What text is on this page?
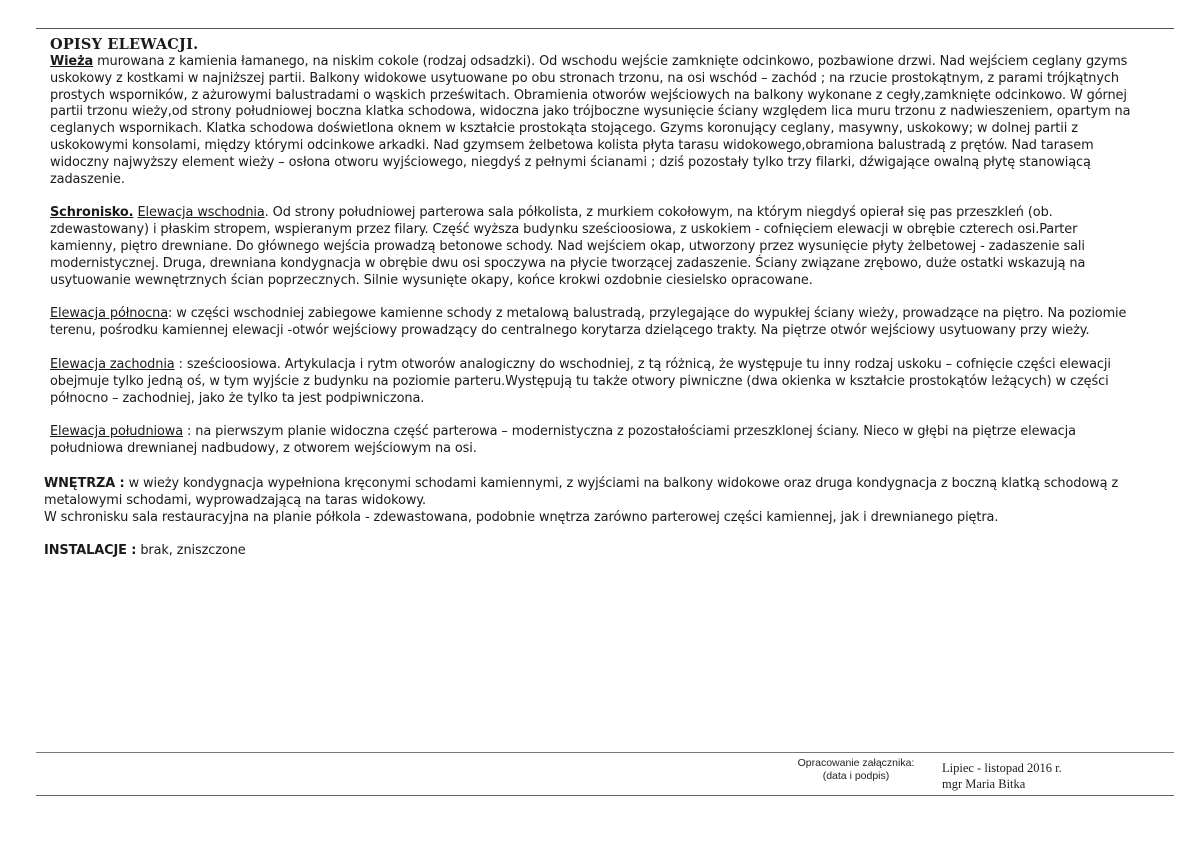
OPISY ELEWACJI.

Wieża murowana z kamienia łamanego, na niskim cokole (rodzaj odsadzki). Od wschodu wejście zamknięte odcinkowo, pozbawione drzwi. Nad wejściem ceglany gzyms uskokowy z kostkami w najniższej partii. Balkony widokowe usytuowane po obu stronach trzonu, na osi wschód – zachód ; na rzucie prostokątnym, z parami trójkątnych prostych wsporników, z ażurowymi balustradami o wąskich prześwitach. Obramienia otworów wejściowych na balkony wykonane z cegły,zamknięte odcinkowo. W górnej partii trzonu wieży,od strony południowej boczna klatka schodowa, widoczna jako trójboczne wysunięcie ściany względem lica muru trzonu z nadwieszeniem, opartym na ceglanych wspornikach. Klatka schodowa doświetlona oknem w kształcie prostokąta stojącego. Gzyms koronujący ceglany, masywny, uskokowy; w dolnej partii z uskokowymi konsolami, między którymi odcinkowe arkadki. Nad gzymsem żelbetowa kolista płyta tarasu widokowego,obramiona balustradą z prętów. Nad tarasem widoczny najwyższy element wieży – osłona otworu wyjściowego, niegdyś z pełnymi ścianami ; dziś pozostały tylko trzy filarki, dźwigające owalną płytę stanowiącą zadaszenie.

Schronisko. Elewacja wschodnia. Od strony południowej parterowa sala półkolista, z murkiem cokołowym, na którym niegdyś opierał się pas przeszkleń (ob. zdewastowany) i płaskim stropem, wspieranym przez filary. Część wyższa budynku sześcioosiowa, z uskokiem - cofnięciem elewacji w obrębie czterech osi.Parter kamienny, piętro drewniane. Do głównego wejścia prowadzą betonowe schody. Nad wejściem okap, utworzony przez wysunięcie płyty żelbetowej - zadaszenie sali modernistycznej. Druga, drewniana kondygnacja w obrębie dwu osi spoczywa na płycie tworzącej zadaszenie. Ściany związane zrębowo, duże ostatki wskazują na usytuowanie wewnętrznych ścian poprzecznych. Silnie wysunięte okapy, końce krokwi ozdobnie ciesielsko opracowane.

Elewacja północna: w części wschodniej zabiegowe kamienne schody z metalową balustradą, przylegające do wypukłej ściany wieży, prowadzące na piętro. Na poziomie terenu, pośrodku kamiennej elewacji -otwór wejściowy prowadzący do centralnego korytarza dzielącego trakty. Na piętrze otwór wejściowy usytuowany przy wieży.

Elewacja zachodnia : sześcioosiowa. Artykulacja i rytm otworów analogiczny do wschodniej, z tą różnicą, że występuje tu inny rodzaj uskoku – cofnięcie części elewacji obejmuje tylko jedną oś, w tym wyjście z budynku na poziomie parteru.Występują tu także otwory piwniczne (dwa okienka w kształcie prostokątów leżących) w części północno – zachodniej, jako że tylko ta jest podpiwniczona.

Elewacja południowa : na pierwszym planie widoczna część parterowa – modernistyczna z pozostałościami przeszklonej ściany. Nieco w głębi na piętrze elewacja południowa drewnianej nadbudowy, z otworem wejściowym na osi.

WNĘTRZA : w wieży kondygnacja wypełniona kręconymi schodami kamiennymi, z wyjściami na balkony widokowe oraz druga kondygnacja z boczną klatką schodową z metalowymi schodami, wyprowadzającą na taras widokowy.

W schronisku sala restauracyjna na planie półkola - zdewastowana, podobnie wnętrza zarówno parterowej części kamiennej, jak i drewnianego piętra.

INSTALACJE : brak, zniszczone

Opracowanie załącznika:
(data i podpis)
Lipiec - listopad 2016 r.
mgr Maria Bitka
